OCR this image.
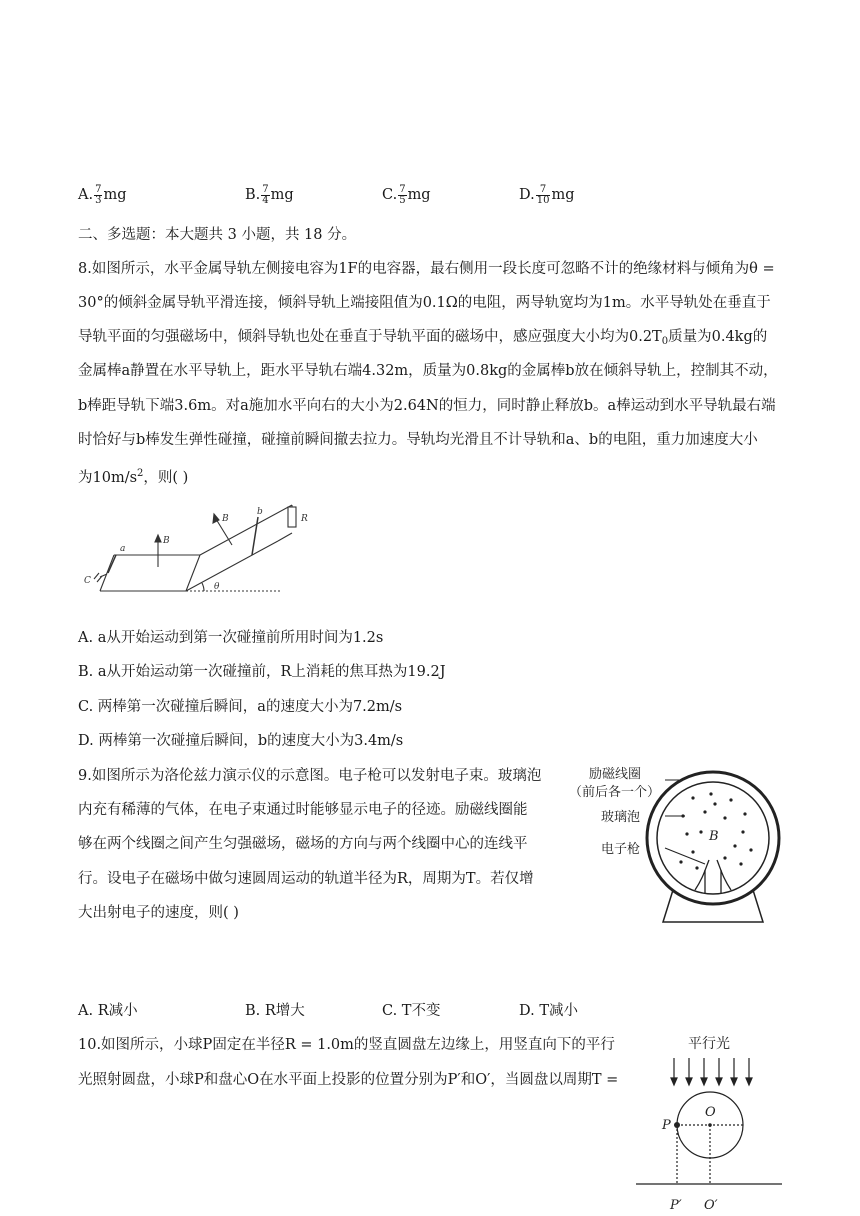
A. $\frac{7}{3}$ mg	B. $\frac{7}{4}$ mg	C. $\frac{7}{5}$ mg	D. $\frac{7}{10}$ mg
二、多选题：本大题共 3 小题，共 18 分。
8.如图所示，水平金属导轨左侧接电容为1F的电容器，最右侧用一段长度可忽略不计的绝缘材料与倾角为θ =
30°的倾斜金属导轨平滑连接，倾斜导轨上端接阻值为0.1Ω的电阻，两导轨宽均为1m。水平导轨处在垂直于
导轨平面的匀强磁场中，倾斜导轨也处在垂直于导轨平面的磁场中，感应强度大小均为$0.2T_0$质量为0.4kg的
金属棒a静置在水平导轨上，距水平导轨右端4.32m，质量为0.8kg的金属棒b放在倾斜导轨上，控制其不动，
b棒距导轨下端3.6m。对a施加水平向右的大小为2.64N的恒力，同时静止释放b。a棒运动到水平导轨最右端
时恰好与b棒发生弹性碰撞，碰撞前瞬间撤去拉力。导轨均光滑且不计导轨和a、b的电阻，重力加速度大小
为$10m/s^2$，则( )
B
B
a
b
R
C
θ
A. a从开始运动到第一次碰撞前所用时间为1.2s
B. a从开始运动第一次碰撞前，R上消耗的焦耳热为19.2J
C. 两棒第一次碰撞后瞬间，a的速度大小为7.2m/s
D. 两棒第一次碰撞后瞬间，b的速度大小为3.4m/s
9.如图所示为洛伦兹力演示仪的示意图。电子枪可以发射电子束。玻璃泡
内充有稀薄的气体，在电子束通过时能够显示电子的径迹。励磁线圈能
够在两个线圈之间产生匀强磁场，磁场的方向与两个线圈中心的连线平
行。设电子在磁场中做匀速圆周运动的轨道半径为R，周期为T。若仅增
大出射电子的速度，则( )
励磁线圈
（前后各一个）
玻璃泡
电子枪
B
A. R减小	B. R增大	C. T不变	D. T减小
10.如图所示，小球P固定在半径R = 1.0m的竖直圆盘左边缘上，用竖直向下的平行
光照射圆盘，小球P和盘心O在水平面上投影的位置分别为P′和O′，当圆盘以周期T =
平行光
P
O
P′ O′
